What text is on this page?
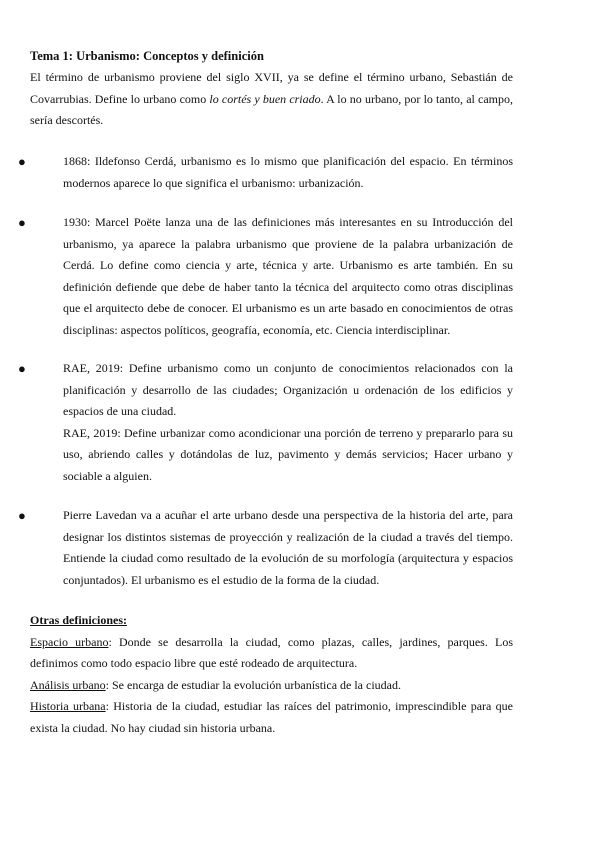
Tema 1: Urbanismo: Conceptos y definición
El término de urbanismo proviene del siglo XVII, ya se define el término urbano, Sebastián de Covarrubias. Define lo urbano como lo cortés y buen criado. A lo no urbano, por lo tanto, al campo, sería descortés.
●	1868: Ildefonso Cerdá, urbanismo es lo mismo que planificación del espacio. En términos modernos aparece lo que significa el urbanismo: urbanización.
●	1930: Marcel Poëte lanza una de las definiciones más interesantes en su Introducción del urbanismo, ya aparece la palabra urbanismo que proviene de la palabra urbanización de Cerdá. Lo define como ciencia y arte, técnica y arte. Urbanismo es arte también. En su definición defiende que debe de haber tanto la técnica del arquitecto como otras disciplinas que el arquitecto debe de conocer. El urbanismo es un arte basado en conocimientos de otras disciplinas: aspectos políticos, geografía, economía, etc. Ciencia interdisciplinar.
●	RAE, 2019: Define urbanismo como un conjunto de conocimientos relacionados con la planificación y desarrollo de las ciudades; Organización u ordenación de los edificios y espacios de una ciudad.
RAE, 2019: Define urbanizar como acondicionar una porción de terreno y prepararlo para su uso, abriendo calles y dotándolas de luz, pavimento y demás servicios; Hacer urbano y sociable a alguien.
●	Pierre Lavedan va a acuñar el arte urbano desde una perspectiva de la historia del arte, para designar los distintos sistemas de proyección y realización de la ciudad a través del tiempo. Entiende la ciudad como resultado de la evolución de su morfología (arquitectura y espacios conjuntados). El urbanismo es el estudio de la forma de la ciudad.
Otras definiciones:
Espacio urbano: Donde se desarrolla la ciudad, como plazas, calles, jardines, parques. Los definimos como todo espacio libre que esté rodeado de arquitectura.
Análisis urbano: Se encarga de estudiar la evolución urbanística de la ciudad.
Historia urbana: Historia de la ciudad, estudiar las raíces del patrimonio, imprescindible para que exista la ciudad. No hay ciudad sin historia urbana.
